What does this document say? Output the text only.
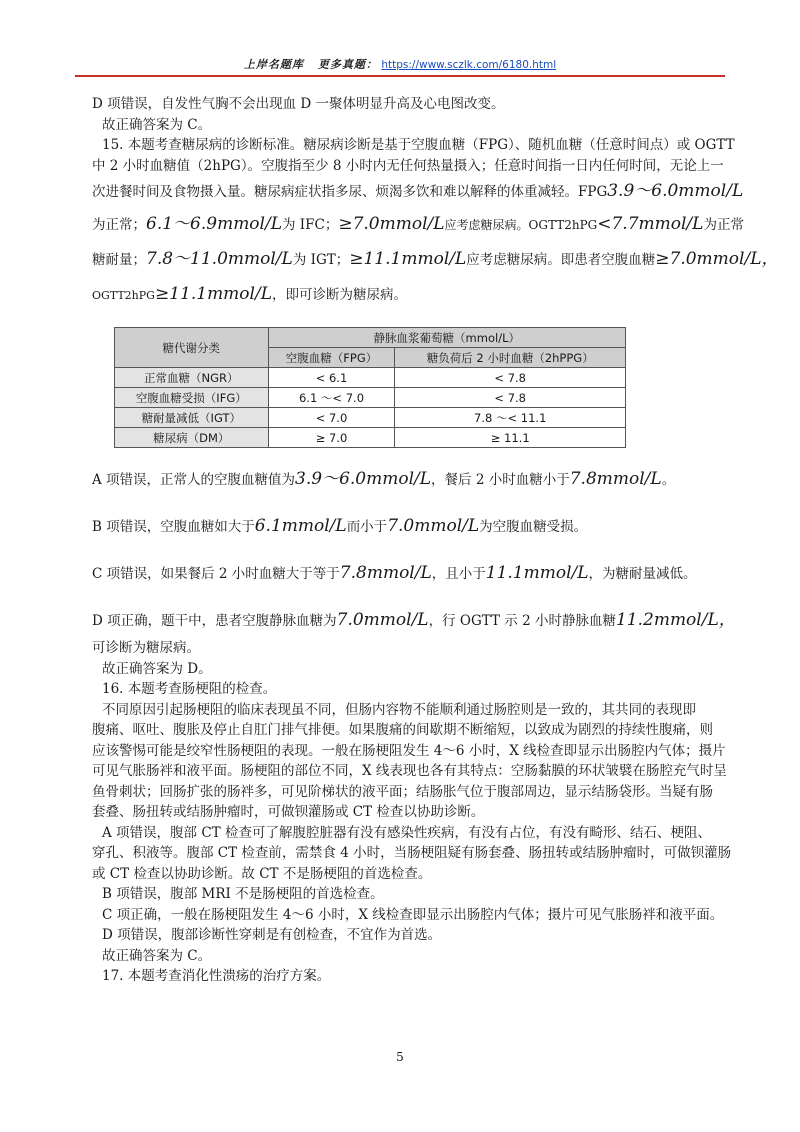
上岸名题库 更多真题： https://www.sczlk.com/6180.html

D 项错误，自发性气胸不会出现血 D 一聚体明显升高及心电图改变。

故正确答案为 C。

15. 本题考查糖尿病的诊断标准。糖尿病诊断是基于空腹血糖（FPG）、随机血糖（任意时间点）或 OGTT

中 2 小时血糖值（2hPG）。空腹指至少 8 小时内无任何热量摄入；任意时间指一日内任何时间，无论上一

次进餐时间及食物摄入量。糖尿病症状指多尿、烦渴多饮和难以解释的体重减轻。FPG3.9～6.0mmol/L

为正常；6.1～6.9mmol/L为 IFC；≥7.0mmol/L应考虑糖尿病。OGTT2hPG<7.7mmol/L为正常

糖耐量；7.8～11.0mmol/L为 IGT；≥11.1mmol/L应考虑糖尿病。即患者空腹血糖≥7.0mmol/L，

OGTT2hPG≥11.1mmol/L，即可诊断为糖尿病。

糖代谢分类	静脉血浆葡萄糖（mmol/L）	
	空腹血糖（FPG）	糖负荷后 2 小时血糖（2hPPG）
正常血糖（NGR）	< 6.1	< 7.8
空腹血糖受损（IFG）	6.1 ～< 7.0	< 7.8
糖耐量减低（IGT）	< 7.0	7.8 ～< 11.1
糖尿病（DM）	≥ 7.0	≥ 11.1

A 项错误，正常人的空腹血糖值为3.9～6.0mmol/L，餐后 2 小时血糖小于7.8mmol/L。

B 项错误，空腹血糖如大于6.1mmol/L而小于7.0mmol/L为空腹血糖受损。

C 项错误，如果餐后 2 小时血糖大于等于7.8mmol/L，且小于11.1mmol/L，为糖耐量减低。

D 项正确，题干中，患者空腹静脉血糖为7.0mmol/L，行 OGTT 示 2 小时静脉血糖11.2mmol/L，

可诊断为糖尿病。

故正确答案为 D。

16. 本题考查肠梗阻的检查。

不同原因引起肠梗阻的临床表现虽不同，但肠内容物不能顺利通过肠腔则是一致的，其共同的表现即

腹痛、呕吐、腹胀及停止自肛门排气排便。如果腹痛的间歇期不断缩短，以致成为剧烈的持续性腹痛，则

应该警惕可能是绞窄性肠梗阻的表现。一般在肠梗阻发生 4～6 小时，X 线检查即显示出肠腔内气体；摄片

可见气胀肠袢和液平面。肠梗阻的部位不同，X 线表现也各有其特点：空肠黏膜的环状皱襞在肠腔充气时呈

鱼骨刺状；回肠扩张的肠袢多，可见阶梯状的液平面；结肠胀气位于腹部周边，显示结肠袋形。当疑有肠

套叠、肠扭转或结肠肿瘤时，可做钡灌肠或 CT 检查以协助诊断。

A 项错误，腹部 CT 检查可了解腹腔脏器有没有感染性疾病，有没有占位，有没有畸形、结石、梗阻、

穿孔、积液等。腹部 CT 检查前，需禁食 4 小时，当肠梗阻疑有肠套叠、肠扭转或结肠肿瘤时，可做钡灌肠

或 CT 检查以协助诊断。故 CT 不是肠梗阻的首选检查。

B 项错误，腹部 MRI 不是肠梗阻的首选检查。

C 项正确，一般在肠梗阻发生 4～6 小时，X 线检查即显示出肠腔内气体；摄片可见气胀肠袢和液平面。

D 项错误，腹部诊断性穿刺是有创检查，不宜作为首选。

故正确答案为 C。

17. 本题考查消化性溃疡的治疗方案。

5
